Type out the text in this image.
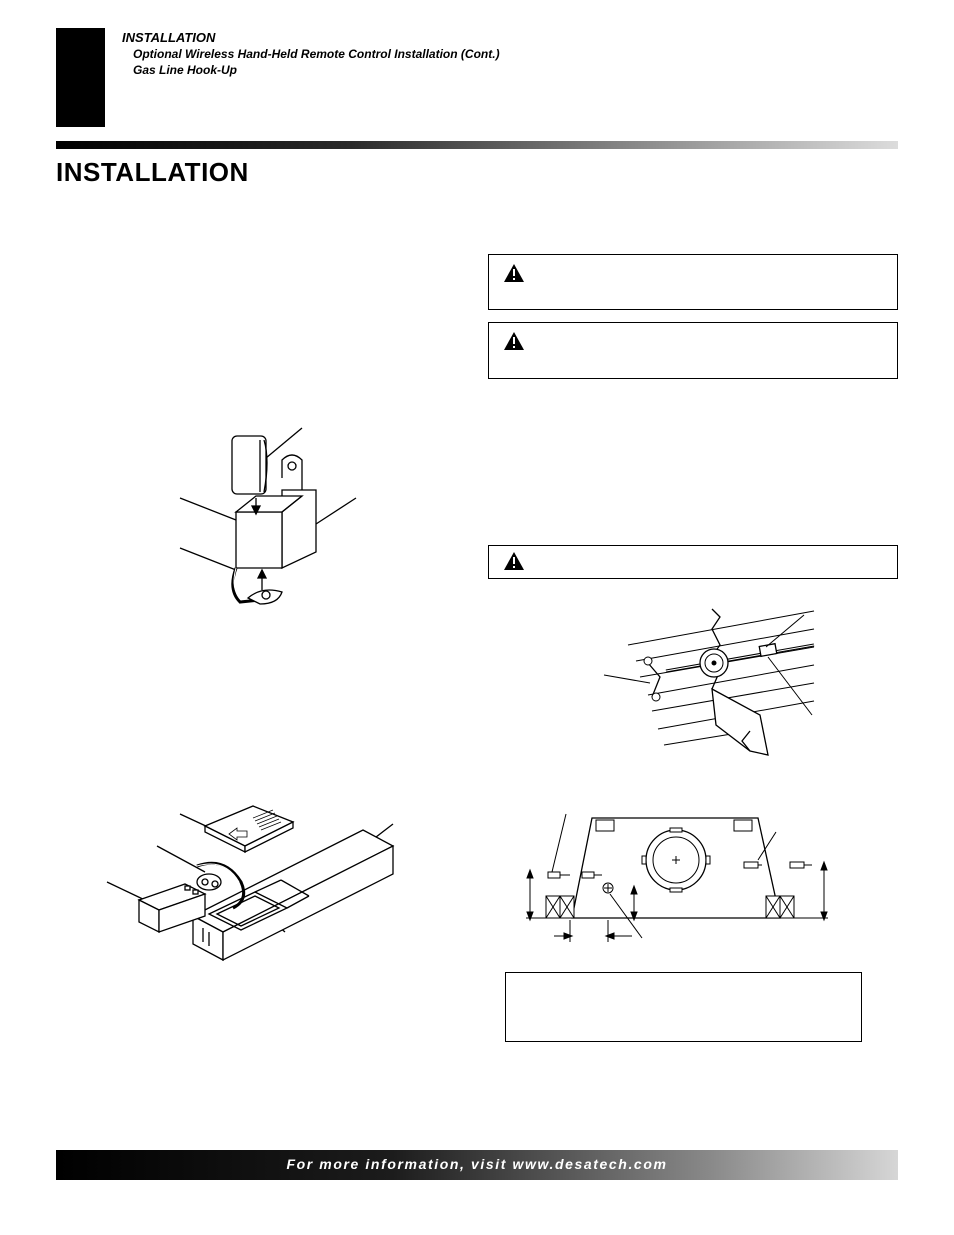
INSTALLATION
Optional Wireless Hand-Held Remote Control Installation (Cont.)
Gas Line Hook-Up
INSTALLATION
For more information, visit www.desatech.com
